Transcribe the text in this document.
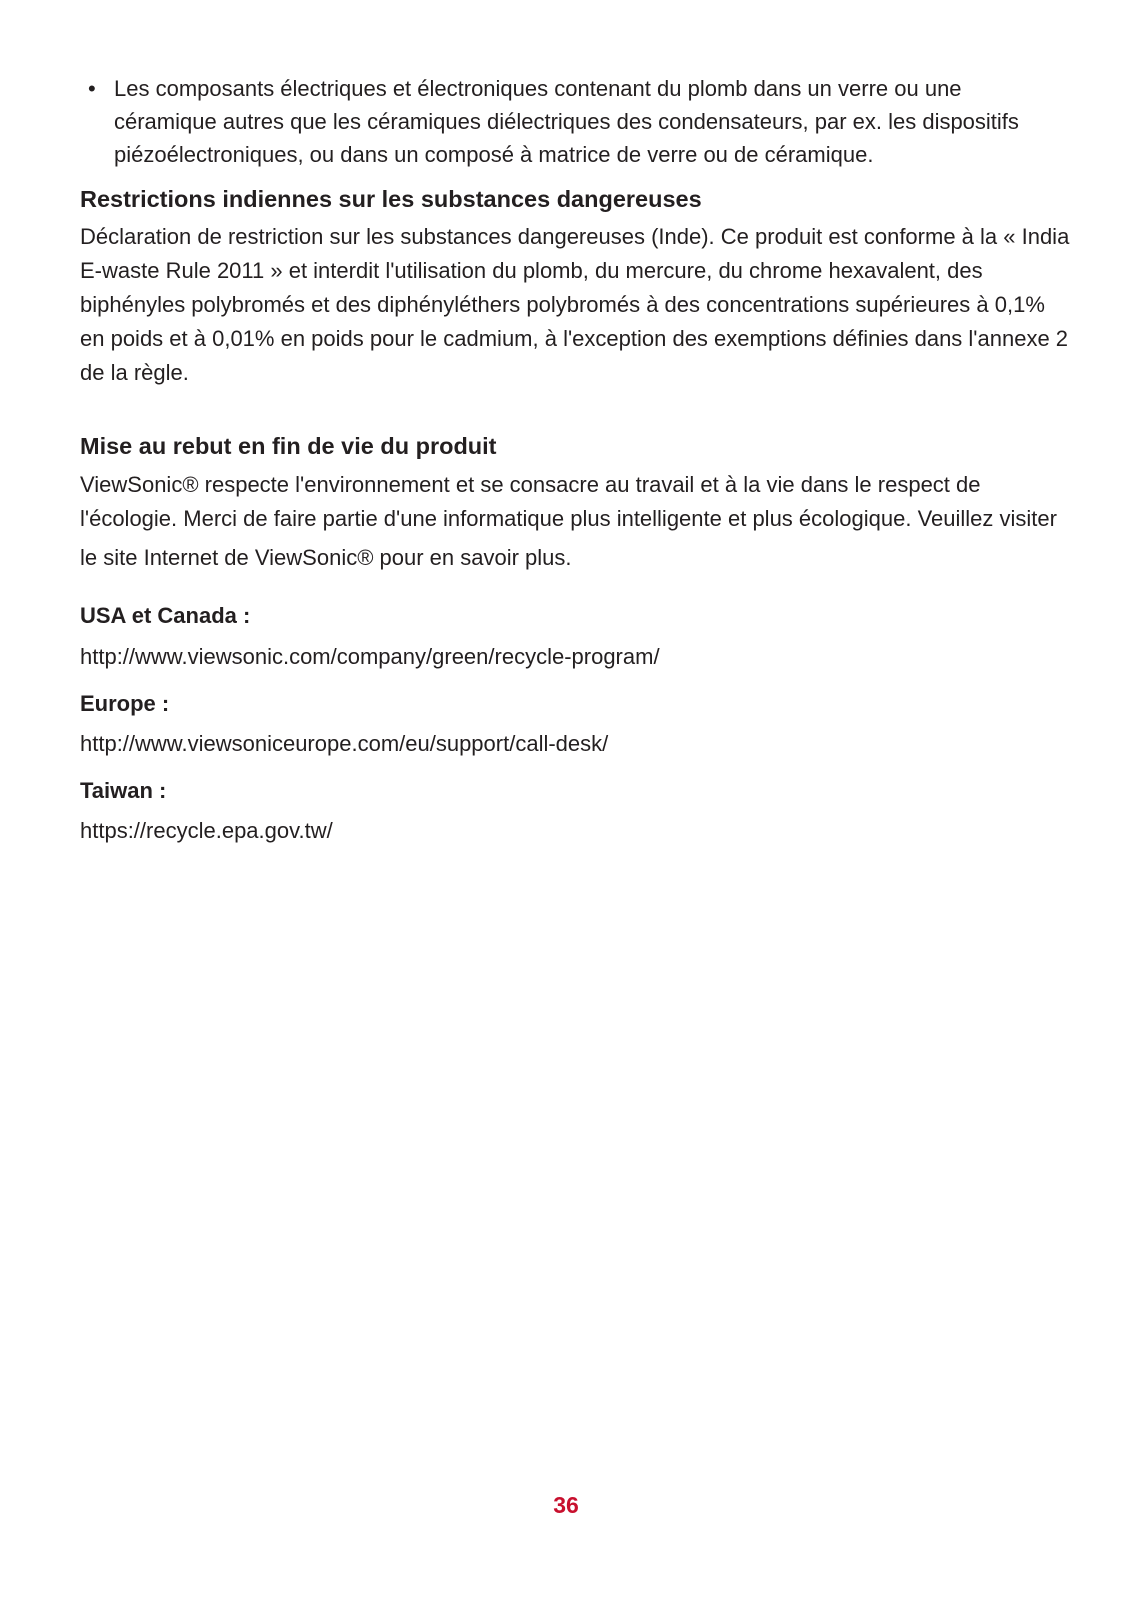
• Les composants électriques et électroniques contenant du plomb dans un verre ou une céramique autres que les céramiques diélectriques des condensateurs, par ex. les dispositifs piézoélectroniques, ou dans un composé à matrice de verre ou de céramique.
Restrictions indiennes sur les substances dangereuses

Déclaration de restriction sur les substances dangereuses (Inde). Ce produit est conforme à la « India E-waste Rule 2011 » et interdit l'utilisation du plomb, du mercure, du chrome hexavalent, des biphényles polybromés et des diphényléthers polybromés à des concentrations supérieures à 0,1% en poids et à 0,01% en poids pour le cadmium, à l'exception des exemptions définies dans l'annexe 2 de la règle.

Mise au rebut en fin de vie du produit

ViewSonic® respecte l'environnement et se consacre au travail et à la vie dans le respect de l'écologie. Merci de faire partie d'une informatique plus intelligente et plus écologique. Veuillez visiter

le site Internet de ViewSonic® pour en savoir plus.

USA et Canada :
http://www.viewsonic.com/company/green/recycle-program/
Europe :
http://www.viewsoniceurope.com/eu/support/call-desk/
Taiwan :
https://recycle.epa.gov.tw/
36
